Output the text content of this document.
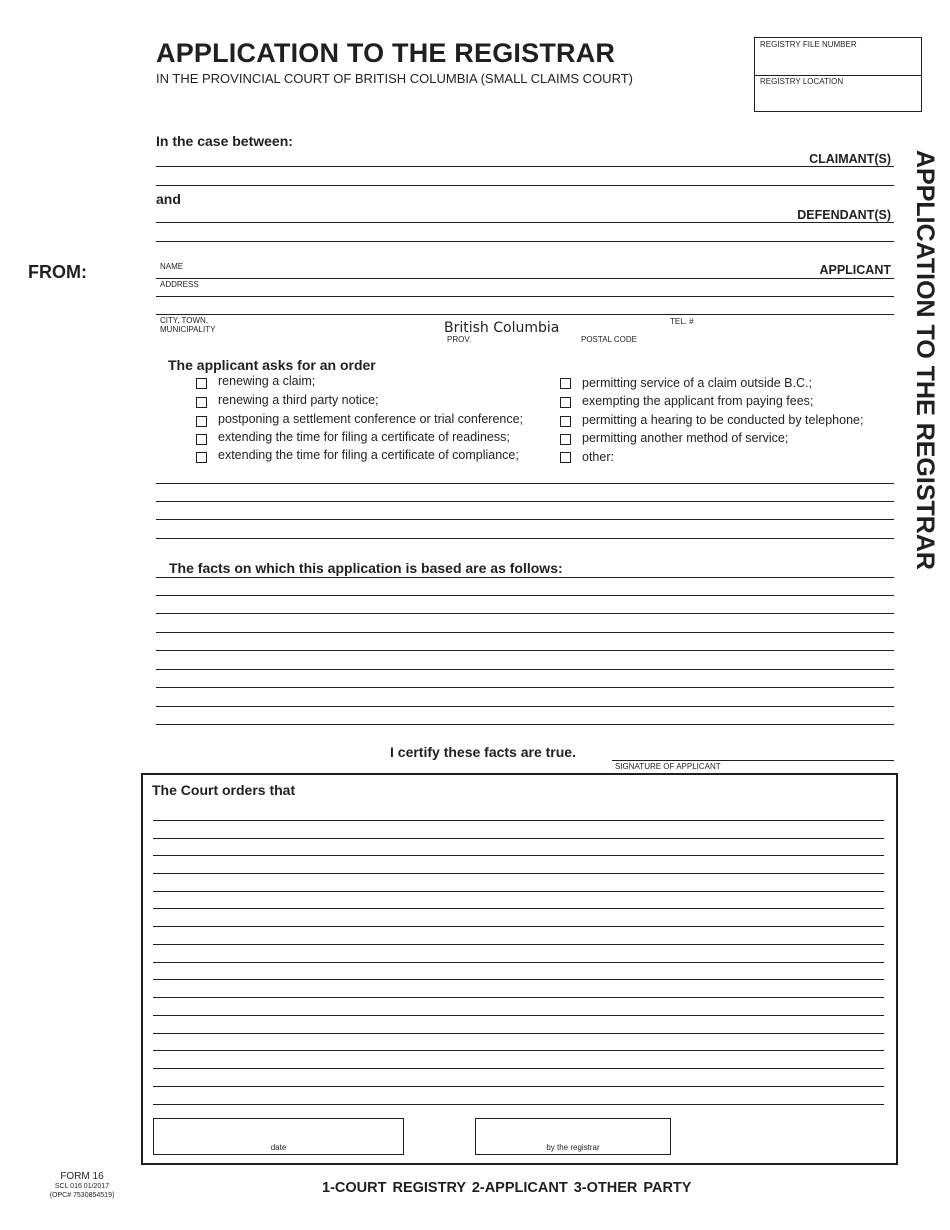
APPLICATION TO THE REGISTRAR
IN THE PROVINCIAL COURT OF BRITISH COLUMBIA (SMALL CLAIMS COURT)
REGISTRY FILE NUMBER
REGISTRY LOCATION
APPLICATION TO THE REGISTRAR
In the case between:
CLAIMANT(S)
and
DEFENDANT(S)
FROM:	NAME	APPLICANT
ADDRESS
CITY, TOWN,
MUNICIPALITY
TEL. #
British Columbia
PROV.	POSTAL CODE
The applicant asks for an order
renewing a claim;
renewing a third party notice;
postponing a settlement conference or trial conference;
extending the time for filing a certificate of readiness;
extending the time for filing a certificate of compliance;
permitting service of a claim outside B.C.;
exempting the applicant from paying fees;
permitting a hearing to be conducted by telephone;
permitting another method of service;
other:
The facts on which this application is based are as follows:
I certify these facts are true.
SIGNATURE OF APPLICANT
The Court orders that
date	by the registrar
FORM 16
SCL 016 01/2017
(OPC# 7530854519)	1-COURT REGISTRY 2-APPLICANT 3-OTHER PARTY
